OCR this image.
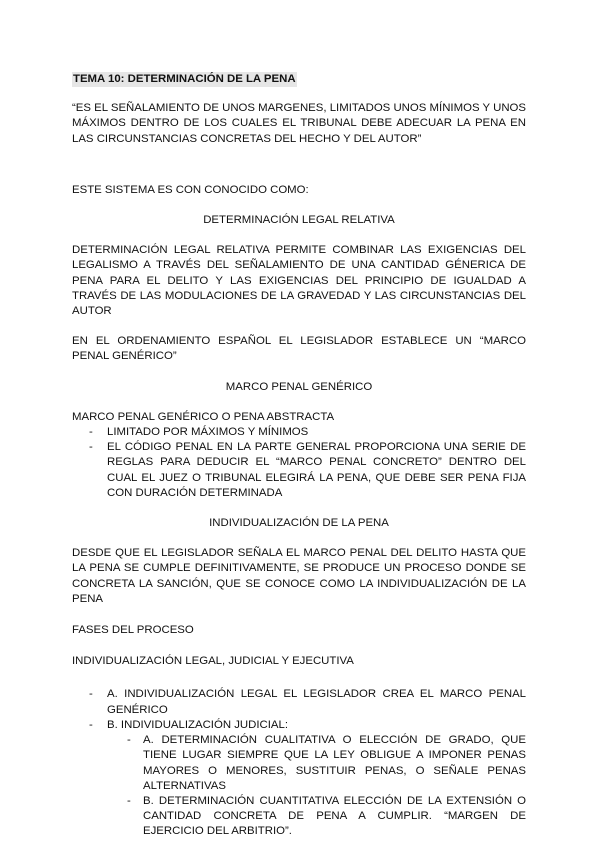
TEMA 10: DETERMINACIÓN DE LA PENA

“ES EL SEÑALAMIENTO DE UNOS MARGENES, LIMITADOS UNOS MÍNIMOS Y UNOS MÁXIMOS DENTRO DE LOS CUALES EL TRIBUNAL DEBE ADECUAR LA PENA EN LAS CIRCUNSTANCIAS CONCRETAS DEL HECHO Y DEL AUTOR”

ESTE SISTEMA ES CON CONOCIDO COMO:

DETERMINACIÓN LEGAL RELATIVA

DETERMINACIÓN LEGAL RELATIVA PERMITE COMBINAR LAS EXIGENCIAS DEL LEGALISMO A TRAVÉS DEL SEÑALAMIENTO DE UNA CANTIDAD GÉNERICA DE PENA PARA EL DELITO Y LAS EXIGENCIAS DEL PRINCIPIO DE IGUALDAD A TRAVÉS DE LAS MODULACIONES DE LA GRAVEDAD Y LAS CIRCUNSTANCIAS DEL AUTOR

EN EL ORDENAMIENTO ESPAÑOL EL LEGISLADOR ESTABLECE UN “MARCO PENAL GENÉRICO”

MARCO PENAL GENÉRICO

MARCO PENAL GENÉRICO O PENA ABSTRACTA

- LIMITADO POR MÁXIMOS Y MÍNIMOS
- EL CÓDIGO PENAL EN LA PARTE GENERAL PROPORCIONA UNA SERIE DE REGLAS PARA DEDUCIR EL “MARCO PENAL CONCRETO” DENTRO DEL CUAL EL JUEZ O TRIBUNAL ELEGIRÁ LA PENA, QUE DEBE SER PENA FIJA CON DURACIÓN DETERMINADA

INDIVIDUALIZACIÓN DE LA PENA

DESDE QUE EL LEGISLADOR SEÑALA EL MARCO PENAL DEL DELITO HASTA QUE LA PENA SE CUMPLE DEFINITIVAMENTE, SE PRODUCE UN PROCESO DONDE SE CONCRETA LA SANCIÓN, QUE SE CONOCE COMO LA INDIVIDUALIZACIÓN DE LA PENA

FASES DEL PROCESO

INDIVIDUALIZACIÓN LEGAL, JUDICIAL Y EJECUTIVA

- A. INDIVIDUALIZACIÓN LEGAL EL LEGISLADOR CREA EL MARCO PENAL GENÉRICO
- B. INDIVIDUALIZACIÓN JUDICIAL:
- A. DETERMINACIÓN CUALITATIVA O ELECCIÓN DE GRADO, QUE TIENE LUGAR SIEMPRE QUE LA LEY OBLIGUE A IMPONER PENAS MAYORES O MENORES, SUSTITUIR PENAS, O SEÑALE PENAS ALTERNATIVAS
- B. DETERMINACIÓN CUANTITATIVA ELECCIÓN DE LA EXTENSIÓN O CANTIDAD CONCRETA DE PENA A CUMPLIR. “MARGEN DE EJERCICIO DEL ARBITRIO”.
